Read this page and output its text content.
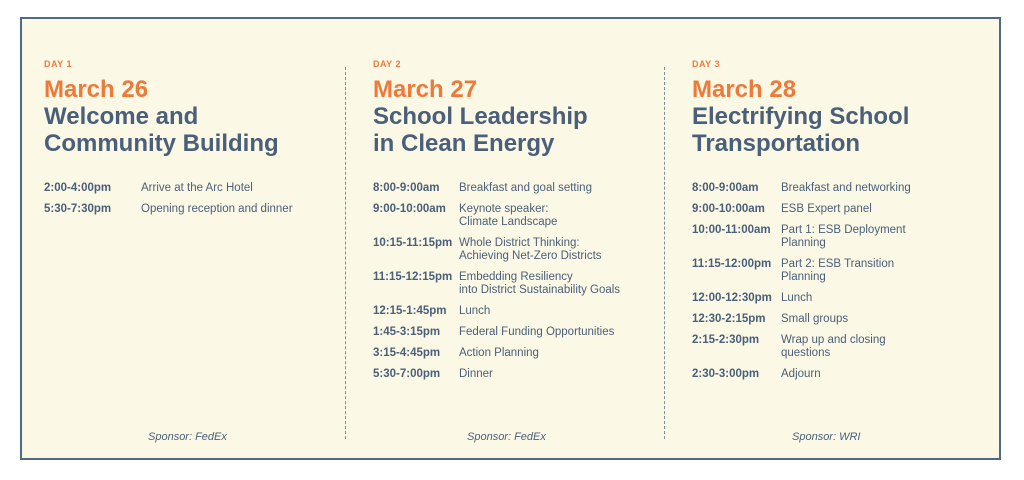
DAY 1
March 26
Welcome and
Community Building
2:00-4:00pm	Arrive at the Arc Hotel
5:30-7:30pm	Opening reception and dinner
DAY 2
March 27
School Leadership
in Clean Energy
8:00-9:00am	Breakfast and goal setting
9:00-10:00am	Keynote speaker:
Climate Landscape
10:15-11:15pm Whole District Thinking:
Achieving Net-Zero Districts
11:15-12:15pm Embedding Resiliency
into District Sustainability Goals
12:15-1:45pm	Lunch
1:45-3:15pm	Federal Funding Opportunities
3:15-4:45pm	Action Planning
5:30-7:00pm	Dinner
DAY 3
March 28
Electrifying School
Transportation
8:00-9:00am	Breakfast and networking
9:00-10:00am	ESB Expert panel
10:00-11:00am Part 1: ESB Deployment
Planning
11:15-12:00pm Part 2: ESB Transition
Planning
12:00-12:30pm Lunch
12:30-2:15pm	Small groups
2:15-2:30pm	Wrap up and closing
questions
2:30-3:00pm	Adjourn
Sponsor: FedEx	Sponsor: FedEx	Sponsor: WRI
